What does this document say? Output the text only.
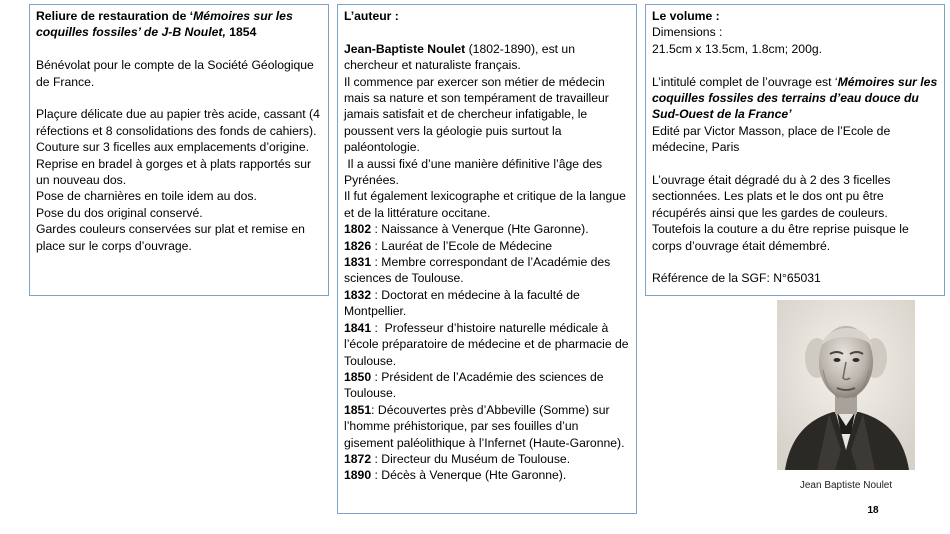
Reliure de restauration de ‘Mémoires sur les coquilles fossiles’ de J-B Noulet, 1854

Bénévolat pour le compte de la Société Géologique de France.

Plaçure délicate due au papier très acide, cassant (4 réfections et 8 consolidations des fonds de cahiers).

Couture sur 3 ficelles aux emplacements d’origine.

Reprise en bradel à gorges et à plats rapportés sur un nouveau dos.

Pose de charnières en toile idem au dos.

Pose du dos original conservé.

Gardes couleurs conservées sur plat et remise en place sur le corps d’ouvrage.

L’auteur :

Jean-Baptiste Noulet (1802-1890), est un chercheur et naturaliste français.

Il commence par exercer son métier de médecin mais sa nature et son tempérament de travailleur jamais satisfait et de chercheur infatigable, le poussent vers la géologie puis surtout la paléontologie.

Il a aussi fixé d’une manière définitive l’âge des Pyrénées.

Il fut également lexicographe et critique de la langue et de la littérature occitane.

1802 : Naissance à Venerque (Hte Garonne).

1826 : Lauréat de l’Ecole de Médecine

1831 : Membre correspondant de l’Académie des sciences de Toulouse.

1832 : Doctorat en médecine à la faculté de Montpellier.

1841 :  Professeur d’histoire naturelle médicale à l’école préparatoire de médecine et de pharmacie de Toulouse.

1850 : Président de l’Académie des sciences de Toulouse.

1851: Découvertes près d’Abbeville (Somme) sur l’homme préhistorique, par ses fouilles d’un gisement paléolithique à l’Infernet (Haute-Garonne).

1872 : Directeur du Muséum de Toulouse.

1890 : Décès à Venerque (Hte Garonne).

Le volume :

Dimensions :

21.5cm x 13.5cm, 1.8cm; 200g.

L’intitulé complet de l’ouvrage est ‘Mémoires sur les coquilles fossiles des terrains d’eau douce du Sud-Ouest de la France’

Edité par Victor Masson, place de l’Ecole de médecine, Paris

L’ouvrage était dégradé du à 2 des 3 ficelles sectionnées. Les plats et le dos ont pu être récupérés ainsi que les gardes de couleurs. Toutefois la couture a du être reprise puisque le corps d’ouvrage était démembré.

Référence de la SGF: N°65031

Jean Baptiste Noulet
18
